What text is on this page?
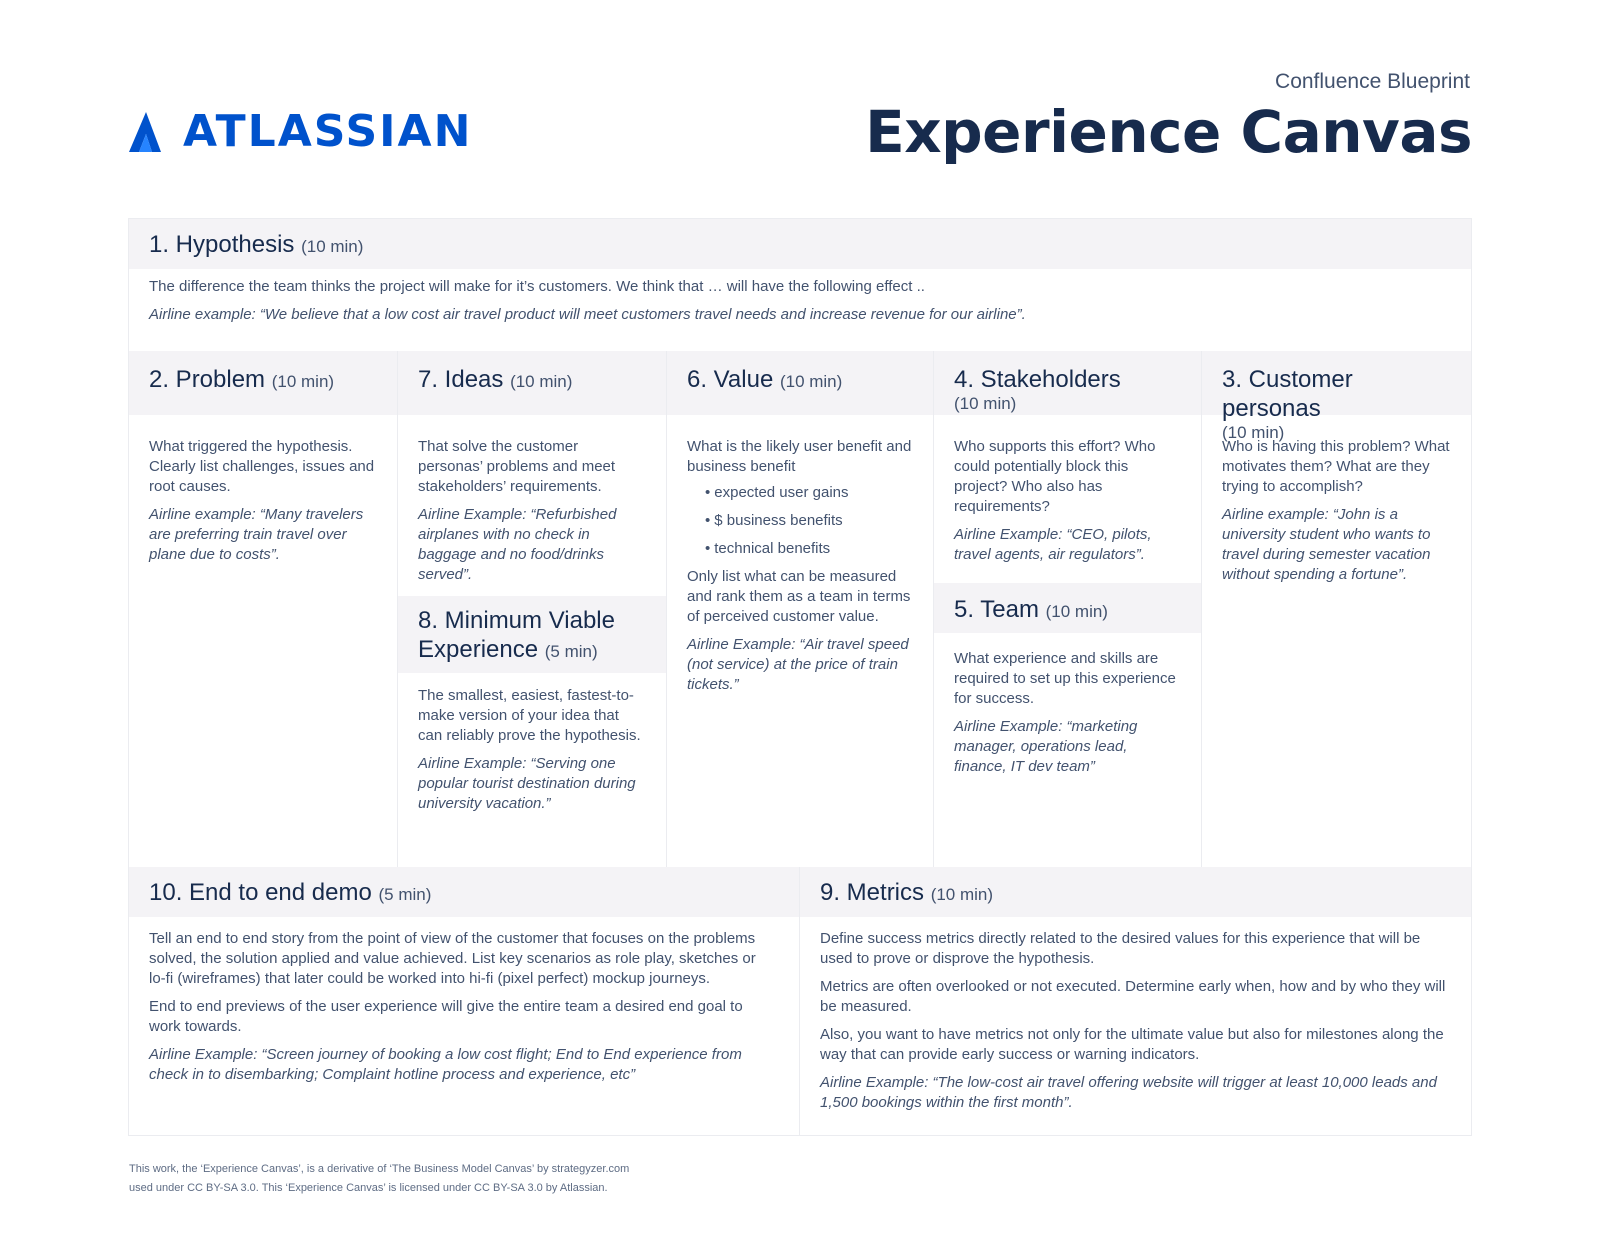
ATLASSIAN
Confluence Blueprint
Experience Canvas
1. Hypothesis (10 min)

The difference the team thinks the project will make for it’s customers. We think that … will have the following effect ..

Airline example: “We believe that a low cost air travel product will meet customers travel needs and increase revenue for our airline”.

2. Problem (10 min)

What triggered the hypothesis. Clearly list challenges, issues and root causes.

Airline example: “Many travelers are preferring train travel over plane due to costs”.

7. Ideas (10 min)

That solve the customer personas’ problems and meet stakeholders’ requirements.

Airline Example: “Refurbished airplanes with no check in baggage and no food/drinks served”.

8. Minimum Viable Experience (5 min)

The smallest, easiest, fastest-to-make version of your idea that can reliably prove the hypothesis.

Airline Example: “Serving one popular tourist destination during university vacation.”

6. Value (10 min)

What is the likely user benefit and business benefit

• expected user gains
• $ business benefits
• technical benefits

Only list what can be measured and rank them as a team in terms of perceived customer value.

Airline Example: “Air travel speed (not service) at the price of train tickets.”

4. Stakeholders
(10 min)

Who supports this effort? Who could potentially block this project? Who also has requirements?

Airline Example: “CEO, pilots, travel agents, air regulators”.

5. Team (10 min)

What experience and skills are required to set up this experience for success.

Airline Example: “marketing manager, operations lead, finance, IT dev team”

3. Customer personas
(10 min)

Who is having this problem? What motivates them? What are they trying to accomplish?

Airline example: “John is a university student who wants to travel during semester vacation without spending a fortune”.

10. End to end demo (5 min)

Tell an end to end story from the point of view of the customer that focuses on the problems solved, the solution applied and value achieved. List key scenarios as role play, sketches or lo-fi (wireframes) that later could be worked into hi-fi (pixel perfect) mockup journeys.

End to end previews of the user experience will give the entire team a desired end goal to work towards.

Airline Example: “Screen journey of booking a low cost flight; End to End experience from check in to disembarking; Complaint hotline process and experience, etc”

9. Metrics (10 min)

Define success metrics directly related to the desired values for this experience that will be used to prove or disprove the hypothesis.

Metrics are often overlooked or not executed. Determine early when, how and by who they will be measured.

Also, you want to have metrics not only for the ultimate value but also for milestones along the way that can provide early success or warning indicators.

Airline Example: “The low-cost air travel offering website will trigger at least 10,000 leads and 1,500 bookings within the first month”.

This work, the ‘Experience Canvas’, is a derivative of ‘The Business Model Canvas’ by strategyzer.com
used under CC BY-SA 3.0. This ‘Experience Canvas’ is licensed under CC BY-SA 3.0 by Atlassian.
